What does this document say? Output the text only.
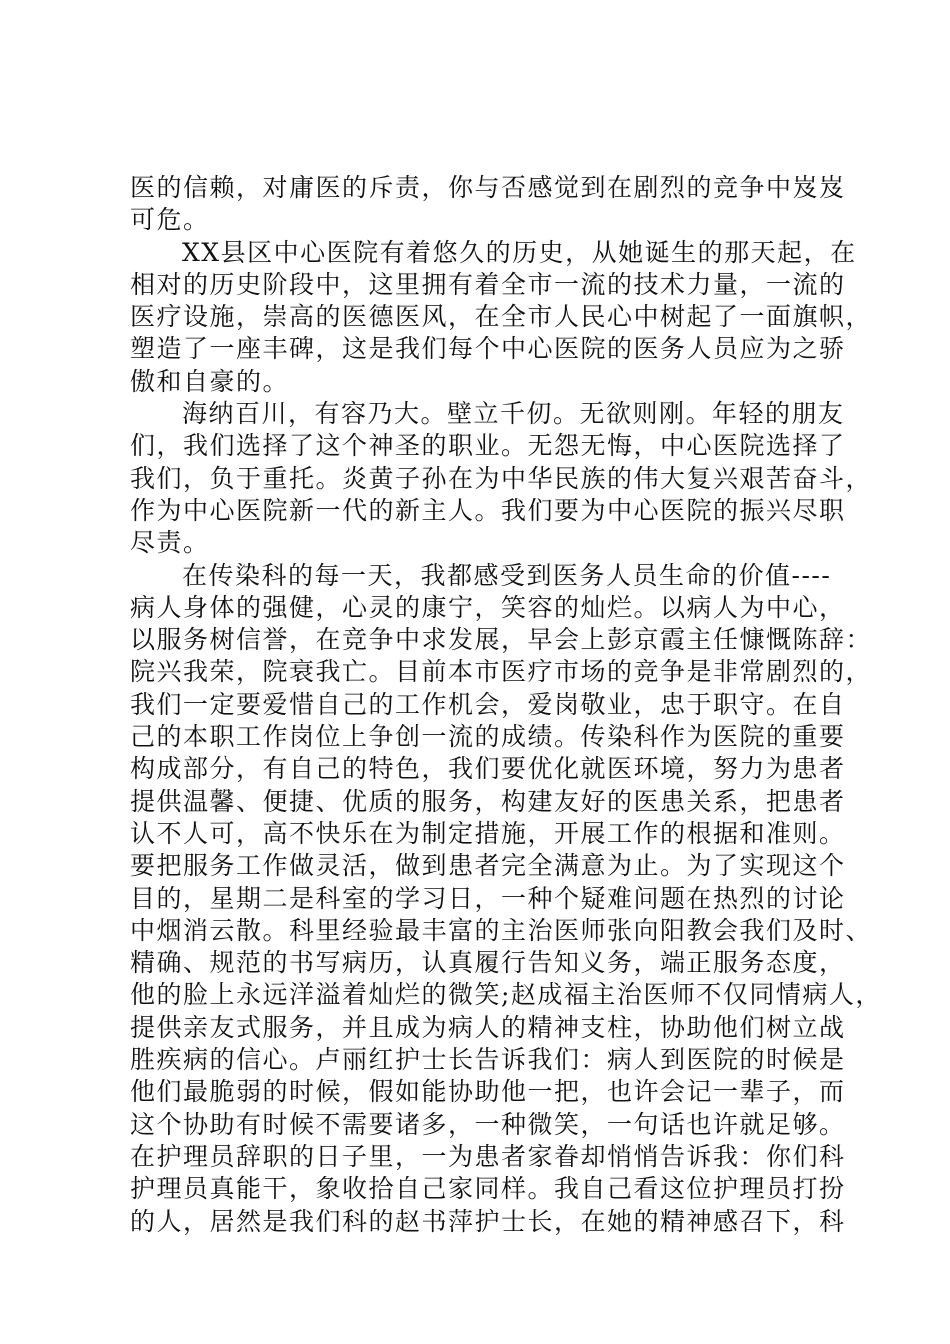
医的信赖，对庸医的斥责，你与否感觉到在剧烈的竞争中岌岌
可危。
XX县区中心医院有着悠久的历史，从她诞生的那天起，在
相对的历史阶段中，这里拥有着全市一流的技术力量，一流的
医疗设施，崇高的医德医风，在全市人民心中树起了一面旗帜，
塑造了一座丰碑，这是我们每个中心医院的医务人员应为之骄
傲和自豪的。
海纳百川，有容乃大。壁立千仞。无欲则刚。年轻的朋友
们，我们选择了这个神圣的职业。无怨无悔，中心医院选择了
我们，负于重托。炎黄子孙在为中华民族的伟大复兴艰苦奋斗，
作为中心医院新一代的新主人。我们要为中心医院的振兴尽职
尽责。
在传染科的每一天，我都感受到医务人员生命的价值----
病人身体的强健，心灵的康宁，笑容的灿烂。以病人为中心，
以服务树信誉，在竞争中求发展，早会上彭京霞主任慷慨陈辞：
院兴我荣，院衰我亡。目前本市医疗市场的竞争是非常剧烈的，
我们一定要爱惜自己的工作机会，爱岗敬业，忠于职守。在自
己的本职工作岗位上争创一流的成绩。传染科作为医院的重要
构成部分，有自己的特色，我们要优化就医环境，努力为患者
提供温馨、便捷、优质的服务，构建友好的医患关系，把患者
认不人可，高不快乐在为制定措施，开展工作的根据和准则。
要把服务工作做灵活，做到患者完全满意为止。为了实现这个
目的，星期二是科室的学习日，一种个疑难问题在热烈的讨论
中烟消云散。科里经验最丰富的主治医师张向阳教会我们及时、
精确、规范的书写病历，认真履行告知义务，端正服务态度，
他的脸上永远洋溢着灿烂的微笑;赵成福主治医师不仅同情病人，
提供亲友式服务，并且成为病人的精神支柱，协助他们树立战
胜疾病的信心。卢丽红护士长告诉我们：病人到医院的时候是
他们最脆弱的时候，假如能协助他一把，也许会记一辈子，而
这个协助有时候不需要诸多，一种微笑，一句话也许就足够。
在护理员辞职的日子里，一为患者家眷却悄悄告诉我：你们科
护理员真能干，象收拾自己家同样。我自己看这位护理员打扮
的人，居然是我们科的赵书萍护士长，在她的精神感召下，科
